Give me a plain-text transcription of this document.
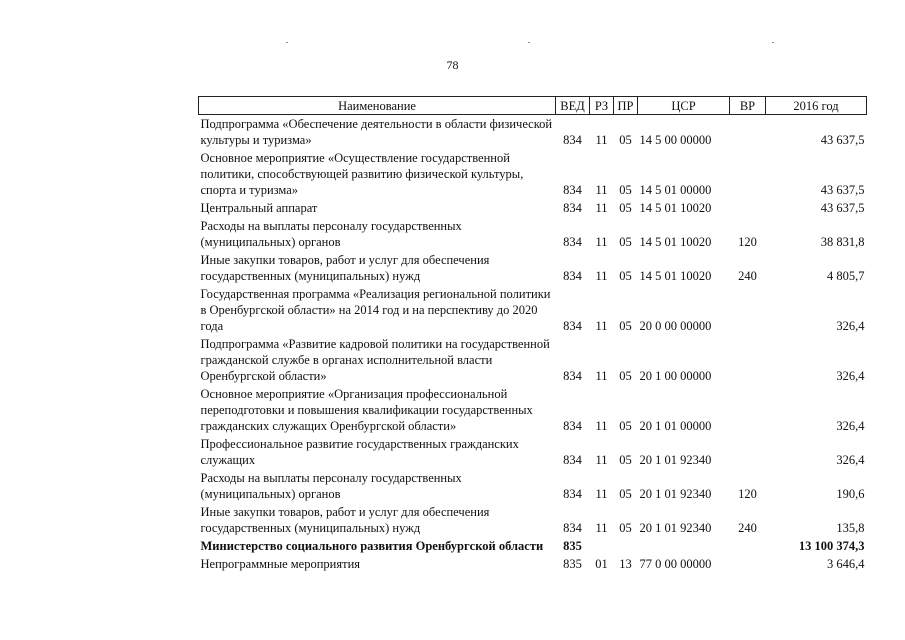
78
Наименование	ВЕД	РЗ	ПР	ЦСР	ВР	2016 год
Подпрограмма «Обеспечение деятельности в области физической культуры и туризма»	834	11	05	14 5 00 00000		43 637,5
Основное мероприятие «Осуществление государственной политики, способствующей развитию физической культуры, спорта и туризма»	834	11	05	14 5 01 00000		43 637,5
Центральный аппарат	834	11	05	14 5 01 10020		43 637,5
Расходы на выплаты персоналу государственных (муниципальных) органов	834	11	05	14 5 01 10020	120	38 831,8
Иные закупки товаров, работ и услуг для обеспечения государственных (муниципальных) нужд	834	11	05	14 5 01 10020	240	4 805,7
Государственная программа «Реализация региональной политики в Оренбургской области» на 2014 год и на перспективу до 2020 года	834	11	05	20 0 00 00000		326,4
Подпрограмма «Развитие кадровой политики на государственной гражданской службе в органах исполнительной власти Оренбургской области»	834	11	05	20 1 00 00000		326,4
Основное мероприятие «Организация профессиональной переподготовки и повышения квалификации государственных гражданских служащих Оренбургской области»	834	11	05	20 1 01 00000		326,4
Профессиональное развитие государственных гражданских служащих	834	11	05	20 1 01 92340		326,4
Расходы на выплаты персоналу государственных (муниципальных) органов	834	11	05	20 1 01 92340	120	190,6
Иные закупки товаров, работ и услуг для обеспечения государственных (муниципальных) нужд	834	11	05	20 1 01 92340	240	135,8
Министерство социального развития Оренбургской области	835					13 100 374,3
Непрограммные мероприятия	835	01	13	77 0 00 00000		3 646,4
